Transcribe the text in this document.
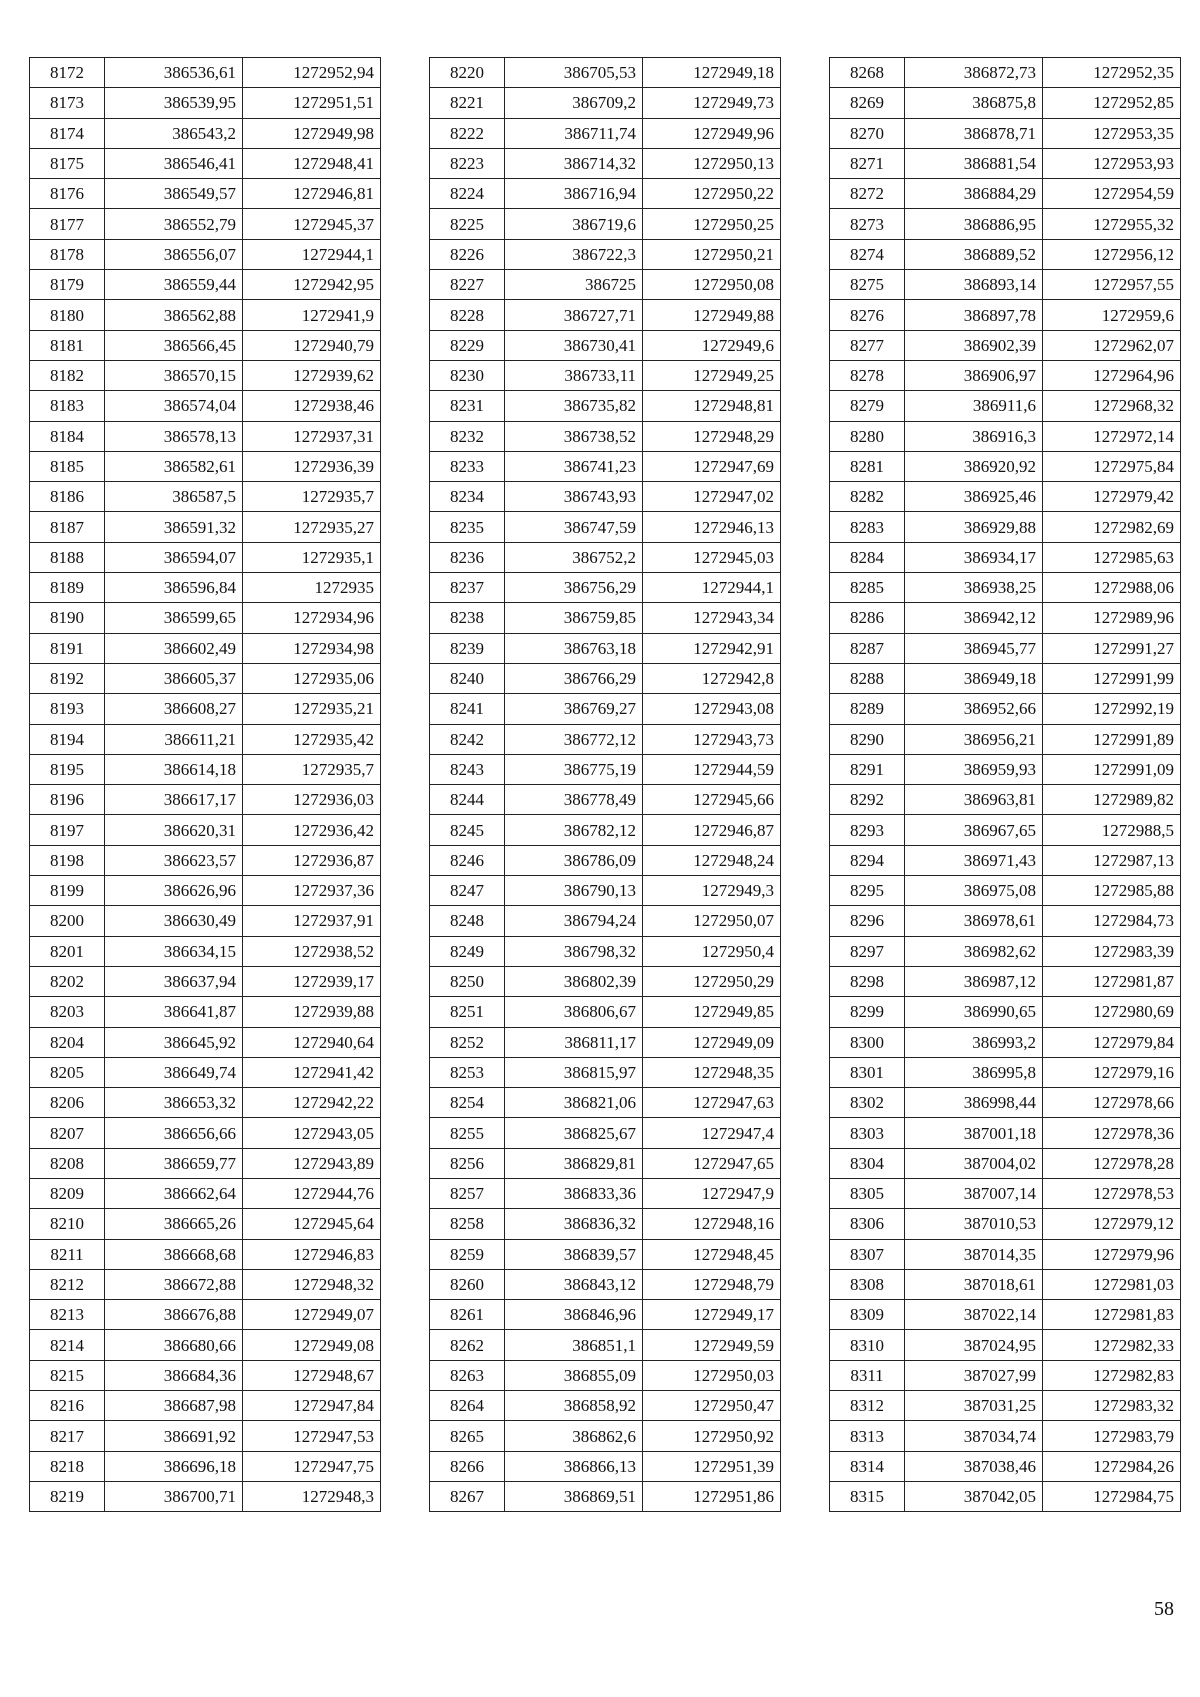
8172	386536,61	1272952,94
8173	386539,95	1272951,51
8174	386543,2	1272949,98
8175	386546,41	1272948,41
8176	386549,57	1272946,81
8177	386552,79	1272945,37
8178	386556,07	1272944,1
8179	386559,44	1272942,95
8180	386562,88	1272941,9
8181	386566,45	1272940,79
8182	386570,15	1272939,62
8183	386574,04	1272938,46
8184	386578,13	1272937,31
8185	386582,61	1272936,39
8186	386587,5	1272935,7
8187	386591,32	1272935,27
8188	386594,07	1272935,1
8189	386596,84	1272935
8190	386599,65	1272934,96
8191	386602,49	1272934,98
8192	386605,37	1272935,06
8193	386608,27	1272935,21
8194	386611,21	1272935,42
8195	386614,18	1272935,7
8196	386617,17	1272936,03
8197	386620,31	1272936,42
8198	386623,57	1272936,87
8199	386626,96	1272937,36
8200	386630,49	1272937,91
8201	386634,15	1272938,52
8202	386637,94	1272939,17
8203	386641,87	1272939,88
8204	386645,92	1272940,64
8205	386649,74	1272941,42
8206	386653,32	1272942,22
8207	386656,66	1272943,05
8208	386659,77	1272943,89
8209	386662,64	1272944,76
8210	386665,26	1272945,64
8211	386668,68	1272946,83
8212	386672,88	1272948,32
8213	386676,88	1272949,07
8214	386680,66	1272949,08
8215	386684,36	1272948,67
8216	386687,98	1272947,84
8217	386691,92	1272947,53
8218	386696,18	1272947,75
8219	386700,71	1272948,3
8220	386705,53	1272949,18
8221	386709,2	1272949,73
8222	386711,74	1272949,96
8223	386714,32	1272950,13
8224	386716,94	1272950,22
8225	386719,6	1272950,25
8226	386722,3	1272950,21
8227	386725	1272950,08
8228	386727,71	1272949,88
8229	386730,41	1272949,6
8230	386733,11	1272949,25
8231	386735,82	1272948,81
8232	386738,52	1272948,29
8233	386741,23	1272947,69
8234	386743,93	1272947,02
8235	386747,59	1272946,13
8236	386752,2	1272945,03
8237	386756,29	1272944,1
8238	386759,85	1272943,34
8239	386763,18	1272942,91
8240	386766,29	1272942,8
8241	386769,27	1272943,08
8242	386772,12	1272943,73
8243	386775,19	1272944,59
8244	386778,49	1272945,66
8245	386782,12	1272946,87
8246	386786,09	1272948,24
8247	386790,13	1272949,3
8248	386794,24	1272950,07
8249	386798,32	1272950,4
8250	386802,39	1272950,29
8251	386806,67	1272949,85
8252	386811,17	1272949,09
8253	386815,97	1272948,35
8254	386821,06	1272947,63
8255	386825,67	1272947,4
8256	386829,81	1272947,65
8257	386833,36	1272947,9
8258	386836,32	1272948,16
8259	386839,57	1272948,45
8260	386843,12	1272948,79
8261	386846,96	1272949,17
8262	386851,1	1272949,59
8263	386855,09	1272950,03
8264	386858,92	1272950,47
8265	386862,6	1272950,92
8266	386866,13	1272951,39
8267	386869,51	1272951,86
8268	386872,73	1272952,35
8269	386875,8	1272952,85
8270	386878,71	1272953,35
8271	386881,54	1272953,93
8272	386884,29	1272954,59
8273	386886,95	1272955,32
8274	386889,52	1272956,12
8275	386893,14	1272957,55
8276	386897,78	1272959,6
8277	386902,39	1272962,07
8278	386906,97	1272964,96
8279	386911,6	1272968,32
8280	386916,3	1272972,14
8281	386920,92	1272975,84
8282	386925,46	1272979,42
8283	386929,88	1272982,69
8284	386934,17	1272985,63
8285	386938,25	1272988,06
8286	386942,12	1272989,96
8287	386945,77	1272991,27
8288	386949,18	1272991,99
8289	386952,66	1272992,19
8290	386956,21	1272991,89
8291	386959,93	1272991,09
8292	386963,81	1272989,82
8293	386967,65	1272988,5
8294	386971,43	1272987,13
8295	386975,08	1272985,88
8296	386978,61	1272984,73
8297	386982,62	1272983,39
8298	386987,12	1272981,87
8299	386990,65	1272980,69
8300	386993,2	1272979,84
8301	386995,8	1272979,16
8302	386998,44	1272978,66
8303	387001,18	1272978,36
8304	387004,02	1272978,28
8305	387007,14	1272978,53
8306	387010,53	1272979,12
8307	387014,35	1272979,96
8308	387018,61	1272981,03
8309	387022,14	1272981,83
8310	387024,95	1272982,33
8311	387027,99	1272982,83
8312	387031,25	1272983,32
8313	387034,74	1272983,79
8314	387038,46	1272984,26
8315	387042,05	1272984,75
58
